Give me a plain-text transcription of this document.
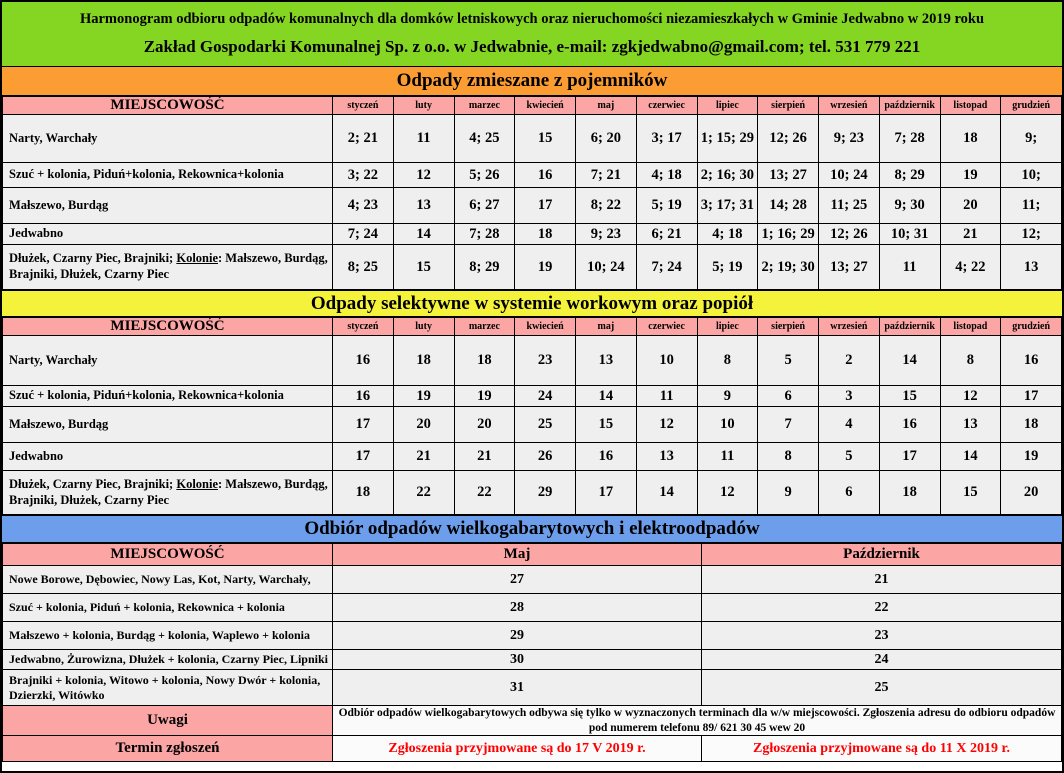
Harmonogram odbioru odpadów komunalnych dla domków letniskowych oraz nieruchomości niezamieszkałych w Gminie Jedwabno w 2019 roku
Zakład Gospodarki Komunalnej Sp. z o.o. w Jedwabnie, e-mail: zgkjedwabno@gmail.com; tel. 531 779 221
Odpady zmieszane z pojemników
MIEJSCOWOŚĆ	styczeń	luty	marzec	kwiecień	maj	czerwiec	lipiec	sierpień	wrzesień	październik	listopad	grudzień
Narty, Warchały	2; 21	11	4; 25	15	6; 20	3; 17	1; 15; 29	12; 26	9; 23	7; 28	18	9;
Szuć + kolonia, Piduń+kolonia, Rekownica+kolonia	3; 22	12	5; 26	16	7; 21	4; 18	2; 16; 30	13; 27	10; 24	8; 29	19	10;
Małszewo, Burdąg	4; 23	13	6; 27	17	8; 22	5; 19	3; 17; 31	14; 28	11; 25	9; 30	20	11;
Jedwabno	7; 24	14	7; 28	18	9; 23	6; 21	4; 18	1; 16; 29	12; 26	10; 31	21	12;
Dłużek, Czarny Piec, Brajniki; Kolonie: Małszewo, Burdąg, Brajniki, Dłużek, Czarny Piec	8; 25	15	8; 29	19	10; 24	7; 24	5; 19	2; 19; 30	13; 27	11	4; 22	13
Odpady selektywne w systemie workowym oraz popiół
MIEJSCOWOŚĆ	styczeń	luty	marzec	kwiecień	maj	czerwiec	lipiec	sierpień	wrzesień	październik	listopad	grudzień
Narty, Warchały	16	18	18	23	13	10	8	5	2	14	8	16
Szuć + kolonia, Piduń+kolonia, Rekownica+kolonia	16	19	19	24	14	11	9	6	3	15	12	17
Małszewo, Burdąg	17	20	20	25	15	12	10	7	4	16	13	18
Jedwabno	17	21	21	26	16	13	11	8	5	17	14	19
Dłużek, Czarny Piec, Brajniki; Kolonie: Małszewo, Burdąg, Brajniki, Dłużek, Czarny Piec	18	22	22	29	17	14	12	9	6	18	15	20
Odbiór odpadów wielkogabarytowych i elektroodpadów
MIEJSCOWOŚĆ	Maj	Październik
Nowe Borowe, Dębowiec, Nowy Las, Kot, Narty, Warchały,	27	21
Szuć + kolonia, Piduń + kolonia, Rekownica + kolonia	28	22
Małszewo + kolonia, Burdąg + kolonia, Waplewo + kolonia	29	23
Jedwabno, Żurowizna, Dłużek + kolonia, Czarny Piec, Lipniki	30	24
Brajniki + kolonia, Witowo + kolonia, Nowy Dwór + kolonia, Dzierzki, Witówko	31	25
Uwagi	Odbiór odpadów wielkogabarytowych odbywa się tylko w wyznaczonych terminach dla w/w miejscowości. Zgłoszenia adresu do odbioru odpadów pod numerem telefonu 89/ 621 30 45 wew 20	
Termin zgłoszeń	Zgłoszenia przyjmowane są do 17 V 2019 r.	Zgłoszenia przyjmowane są do 11 X 2019 r.
